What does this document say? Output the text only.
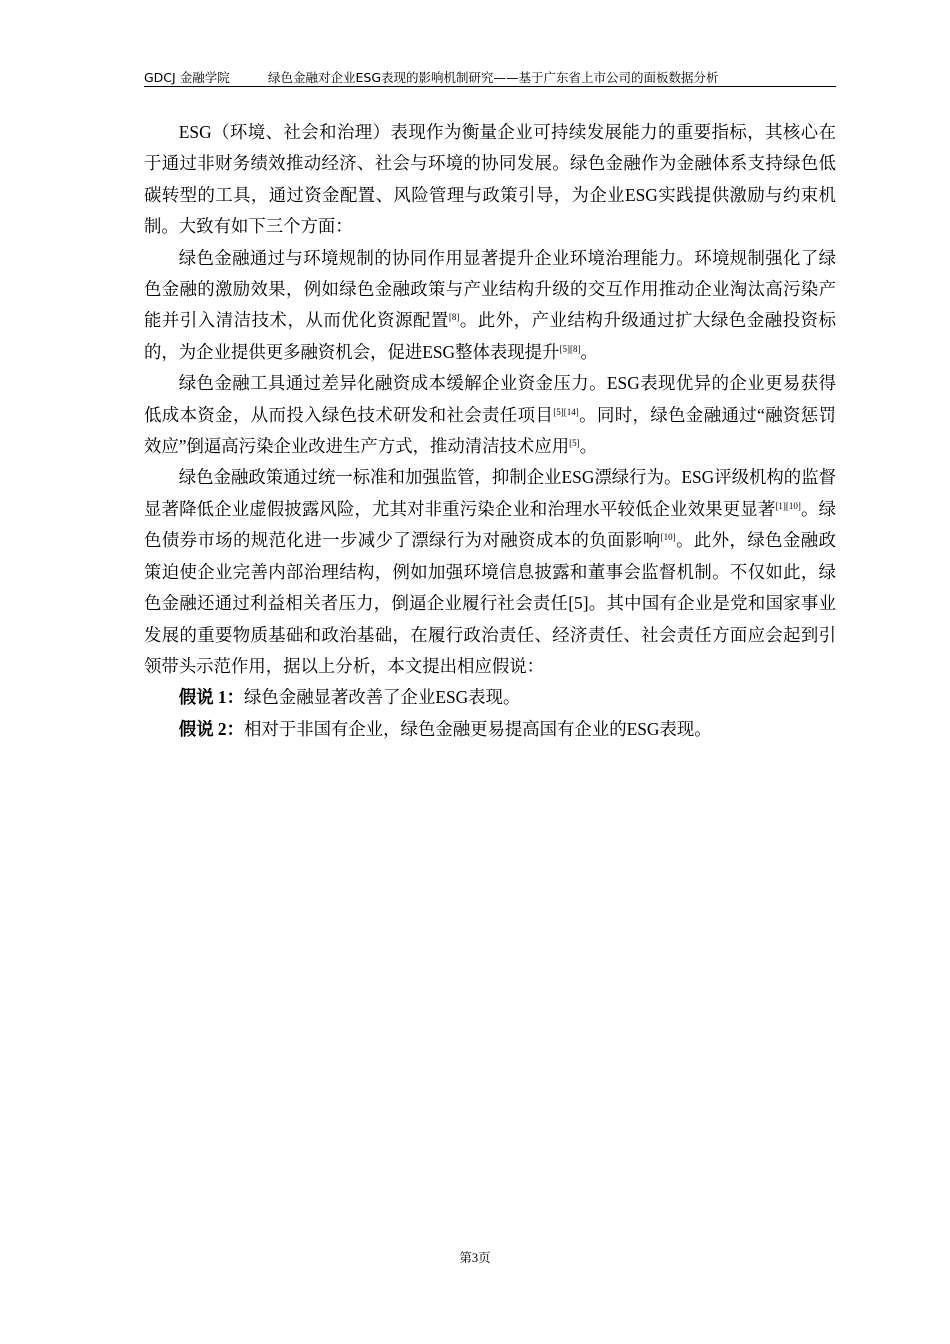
GDCJ 金融学院	绿色金融对企业ESG表现的影响机制研究——基于广东省上市公司的面板数据分析

ESG（环境、社会和治理）表现作为衡量企业可持续发展能力的重要指标，其核心在于通过非财务绩效推动经济、社会与环境的协同发展。绿色金融作为金融体系支持绿色低碳转型的工具，通过资金配置、风险管理与政策引导，为企业ESG实践提供激励与约束机制。大致有如下三个方面：

绿色金融通过与环境规制的协同作用显著提升企业环境治理能力。环境规制强化了绿色金融的激励效果，例如绿色金融政策与产业结构升级的交互作用推动企业淘汰高污染产能并引入清洁技术，从而优化资源配置[8]。此外，产业结构升级通过扩大绿色金融投资标的，为企业提供更多融资机会，促进ESG整体表现提升[5][8]。

绿色金融工具通过差异化融资成本缓解企业资金压力。ESG表现优异的企业更易获得低成本资金，从而投入绿色技术研发和社会责任项目[5][14]。同时，绿色金融通过“融资惩罚效应”倒逼高污染企业改进生产方式，推动清洁技术应用[5]。

绿色金融政策通过统一标准和加强监管，抑制企业ESG漂绿行为。ESG评级机构的监督显著降低企业虚假披露风险，尤其对非重污染企业和治理水平较低企业效果更显著[1][10]。绿色债券市场的规范化进一步减少了漂绿行为对融资成本的负面影响[10]。此外，绿色金融政策迫使企业完善内部治理结构，例如加强环境信息披露和董事会监督机制。不仅如此，绿色金融还通过利益相关者压力，倒逼企业履行社会责任[5]。其中国有企业是党和国家事业发展的重要物质基础和政治基础，在履行政治责任、经济责任、社会责任方面应会起到引领带头示范作用，据以上分析，本文提出相应假说：

假说 1：绿色金融显著改善了企业ESG表现。

假说 2：相对于非国有企业，绿色金融更易提高国有企业的ESG表现。

第3页
